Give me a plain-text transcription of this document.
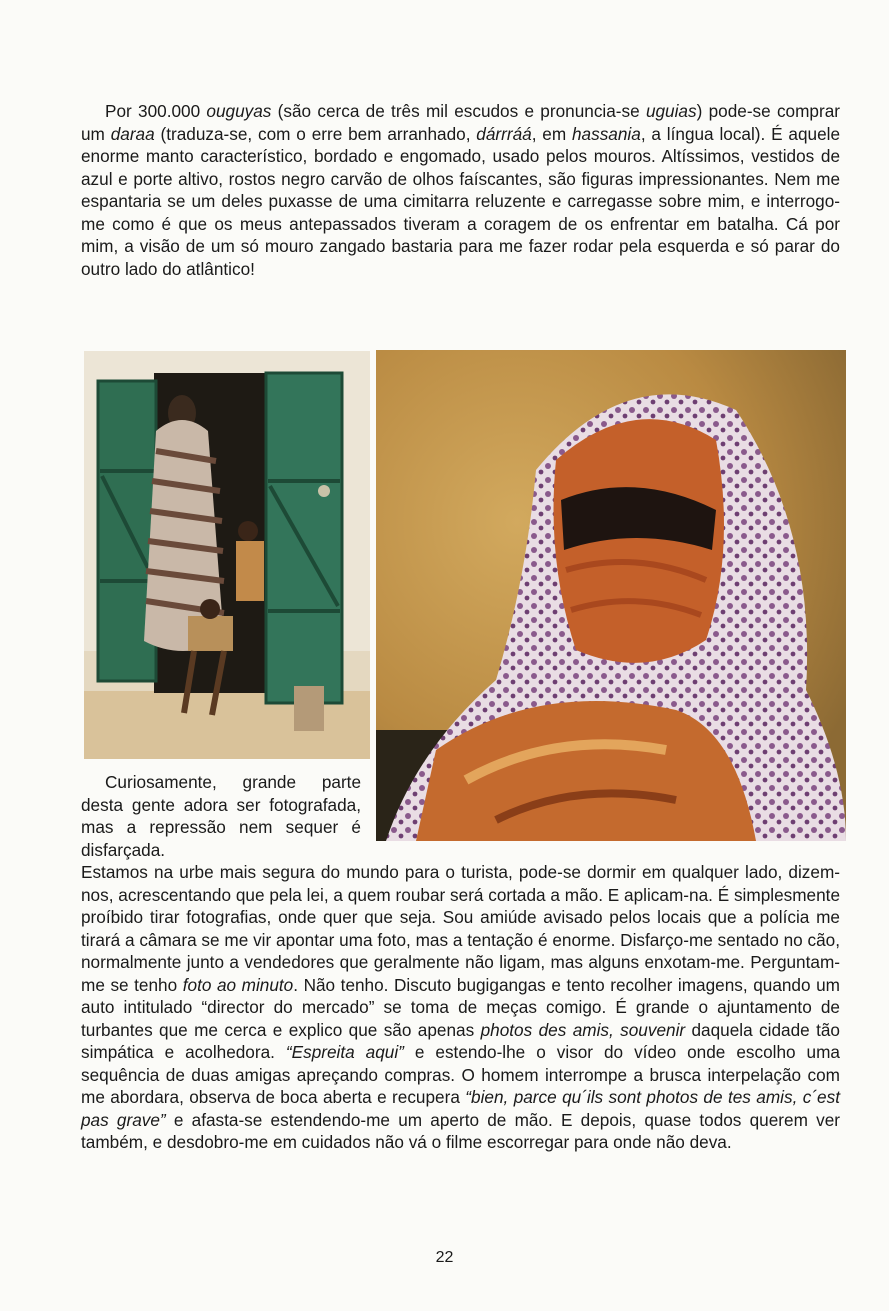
Por 300.000 ouguyas (são cerca de três mil escudos e pronuncia-se uguias) pode-se comprar um daraa (traduza-se, com o erre bem arranhado, dárrráá, em hassania, a língua local). É aquele enorme manto característico, bordado e engomado, usado pelos mouros. Altíssimos, vestidos de azul e porte altivo, rostos negro carvão de olhos faíscantes, são figuras impressionantes. Nem me espantaria se um deles puxasse de uma cimitarra reluzente e carregasse sobre mim, e interrogo-me como é que os meus antepassados tiveram a coragem de os enfrentar em batalha. Cá por mim, a visão de um só mouro zangado bastaria para me fazer rodar pela esquerda e só parar do outro lado do atlântico!

Curiosamente, grande parte desta gente adora ser fotografada, mas a repressão nem sequer é disfarçada.

Estamos na urbe mais segura do mundo para o turista, pode-se dormir em qualquer lado, dizem-nos, acrescentando que pela lei, a quem roubar será cortada a mão. E aplicam-na. É simplesmente proíbido tirar fotografias, onde quer que seja. Sou amiúde avisado pelos locais que a polícia me tirará a câmara se me vir apontar uma foto, mas a tentação é enorme. Disfarço-me sentado no cão, normalmente junto a vendedores que geralmente não ligam, mas alguns enxotam-me. Perguntam-me se tenho foto ao minuto. Não tenho. Discuto bugigangas e tento recolher imagens, quando um auto intitulado “director do mercado” se toma de meças comigo. É grande o ajuntamento de turbantes que me cerca e explico que são apenas photos des amis, souvenir daquela cidade tão simpática e acolhedora. “Espreita aqui” e estendo-lhe o visor do vídeo onde escolho uma sequência de duas amigas apreçando compras. O homem interrompe a brusca interpelação com me abordara, observa de boca aberta e recupera “bien, parce qu´ils sont photos de tes amis, c´est pas grave” e afasta-se estendendo-me um aperto de mão. E depois, quase todos querem ver também, e desdobro-me em cuidados não vá o filme escorregar para onde não deva.

22
